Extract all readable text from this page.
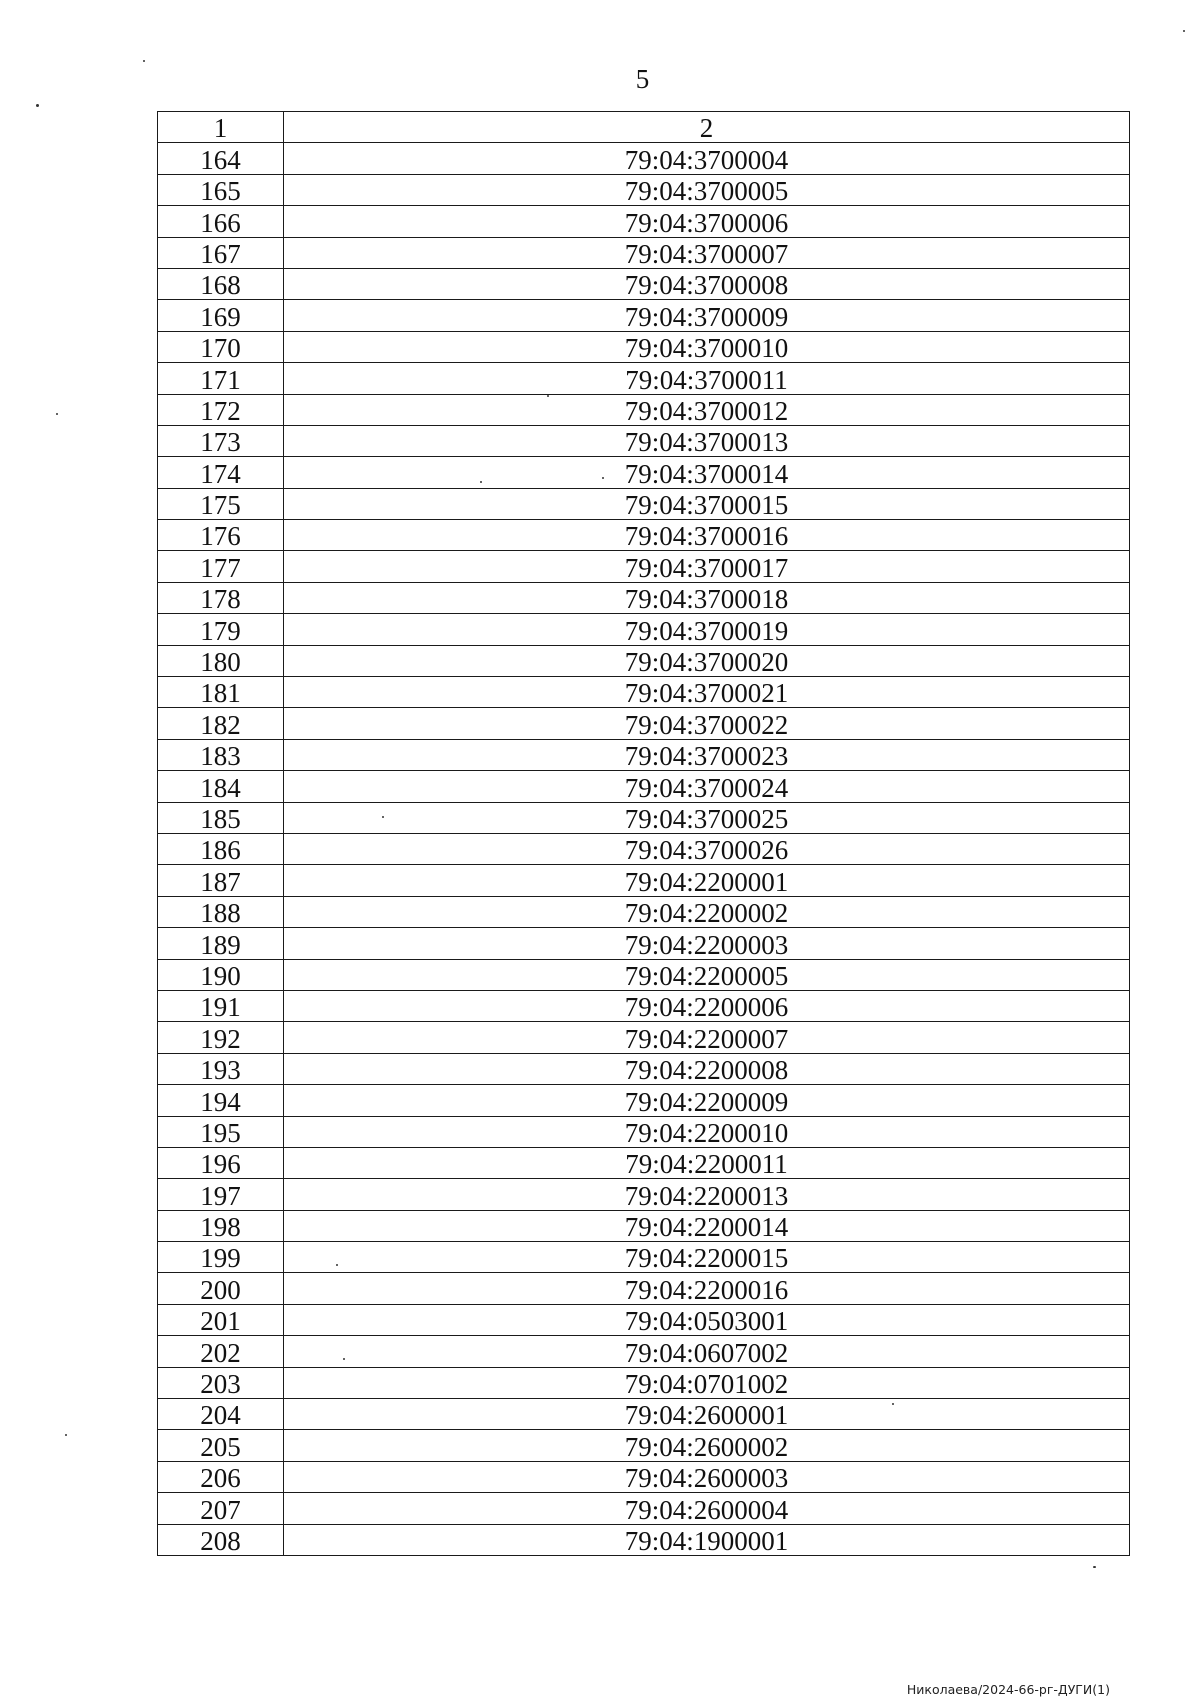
5
1	2
164	79:04:3700004
165	79:04:3700005
166	79:04:3700006
167	79:04:3700007
168	79:04:3700008
169	79:04:3700009
170	79:04:3700010
171	79:04:3700011
172	79:04:3700012
173	79:04:3700013
174	79:04:3700014
175	79:04:3700015
176	79:04:3700016
177	79:04:3700017
178	79:04:3700018
179	79:04:3700019
180	79:04:3700020
181	79:04:3700021
182	79:04:3700022
183	79:04:3700023
184	79:04:3700024
185	79:04:3700025
186	79:04:3700026
187	79:04:2200001
188	79:04:2200002
189	79:04:2200003
190	79:04:2200005
191	79:04:2200006
192	79:04:2200007
193	79:04:2200008
194	79:04:2200009
195	79:04:2200010
196	79:04:2200011
197	79:04:2200013
198	79:04:2200014
199	79:04:2200015
200	79:04:2200016
201	79:04:0503001
202	79:04:0607002
203	79:04:0701002
204	79:04:2600001
205	79:04:2600002
206	79:04:2600003
207	79:04:2600004
208	79:04:1900001
Николаева/2024-66-рг-ДУГИ(1)
